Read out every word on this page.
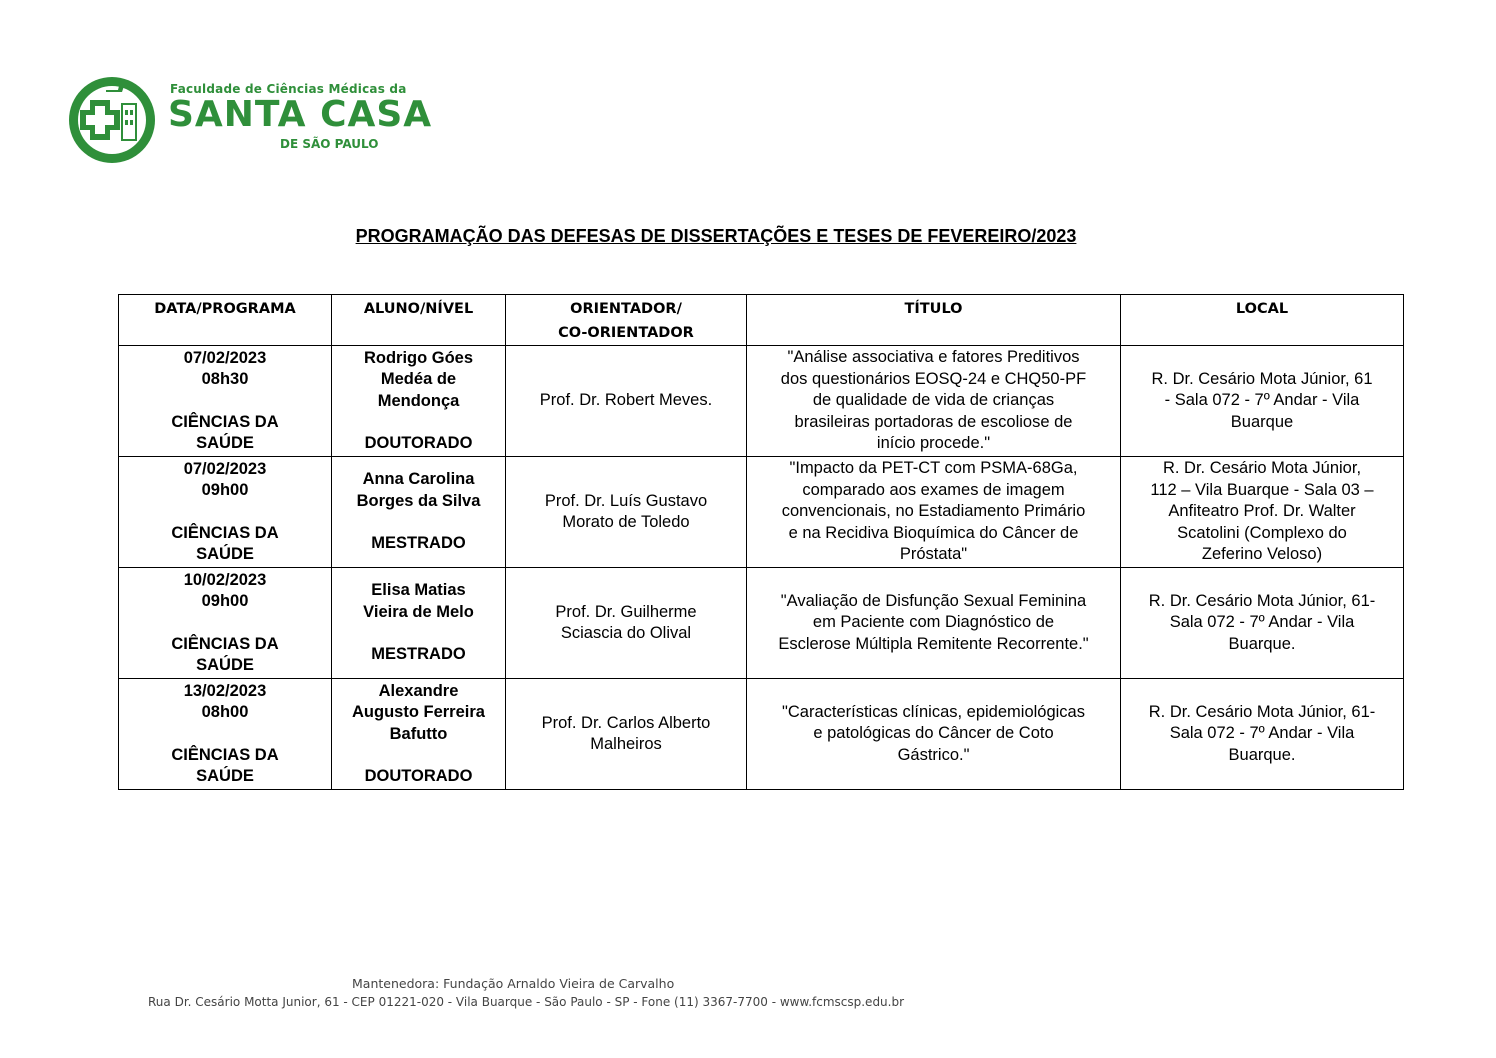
Faculdade de Ciências Médicas da
SANTA CASA
DE SÃO PAULO
PROGRAMAÇÃO DAS DEFESAS DE DISSERTAÇÕES E TESES DE FEVEREIRO/2023
DATA/PROGRAMA	ALUNO/NÍVEL	ORIENTADOR/
CO-ORIENTADOR	TÍTULO	LOCAL

07/02/2023
08h30
CIÊNCIAS DA
SAÚDE	Rodrigo Góes
Medéa de
Mendonça
DOUTORADO	Prof. Dr. Robert Meves.	"Análise associativa e fatores Preditivos
dos questionários EOSQ-24 e CHQ50-PF
de qualidade de vida de crianças
brasileiras portadoras de escoliose de
início procede."	R. Dr. Cesário Mota Júnior, 61
- Sala 072 - 7º Andar - Vila
Buarque

07/02/2023
09h00
CIÊNCIAS DA
SAÚDE	Anna Carolina
Borges da Silva
MESTRADO	Prof. Dr. Luís Gustavo
Morato de Toledo	"Impacto da PET-CT com PSMA-68Ga,
comparado aos exames de imagem
convencionais, no Estadiamento Primário
e na Recidiva Bioquímica do Câncer de
Próstata"	R. Dr. Cesário Mota Júnior,
112 – Vila Buarque - Sala 03 –
Anfiteatro Prof. Dr. Walter
Scatolini (Complexo do
Zeferino Veloso)

10/02/2023
09h00
CIÊNCIAS DA
SAÚDE	Elisa Matias
Vieira de Melo
MESTRADO	Prof. Dr. Guilherme
Sciascia do Olival	"Avaliação de Disfunção Sexual Feminina
em Paciente com Diagnóstico de
Esclerose Múltipla Remitente Recorrente."	R. Dr. Cesário Mota Júnior, 61-
Sala 072 - 7º Andar - Vila
Buarque.

13/02/2023
08h00
CIÊNCIAS DA
SAÚDE	Alexandre
Augusto Ferreira
Bafutto
DOUTORADO	Prof. Dr. Carlos Alberto
Malheiros	"Características clínicas, epidemiológicas
e patológicas do Câncer de Coto
Gástrico."	R. Dr. Cesário Mota Júnior, 61-
Sala 072 - 7º Andar - Vila
Buarque.
Mantenedora: Fundação Arnaldo Vieira de Carvalho
Rua Dr. Cesário Motta Junior, 61 - CEP 01221-020 - Vila Buarque - São Paulo - SP - Fone (11) 3367-7700 - www.fcmscsp.edu.br
